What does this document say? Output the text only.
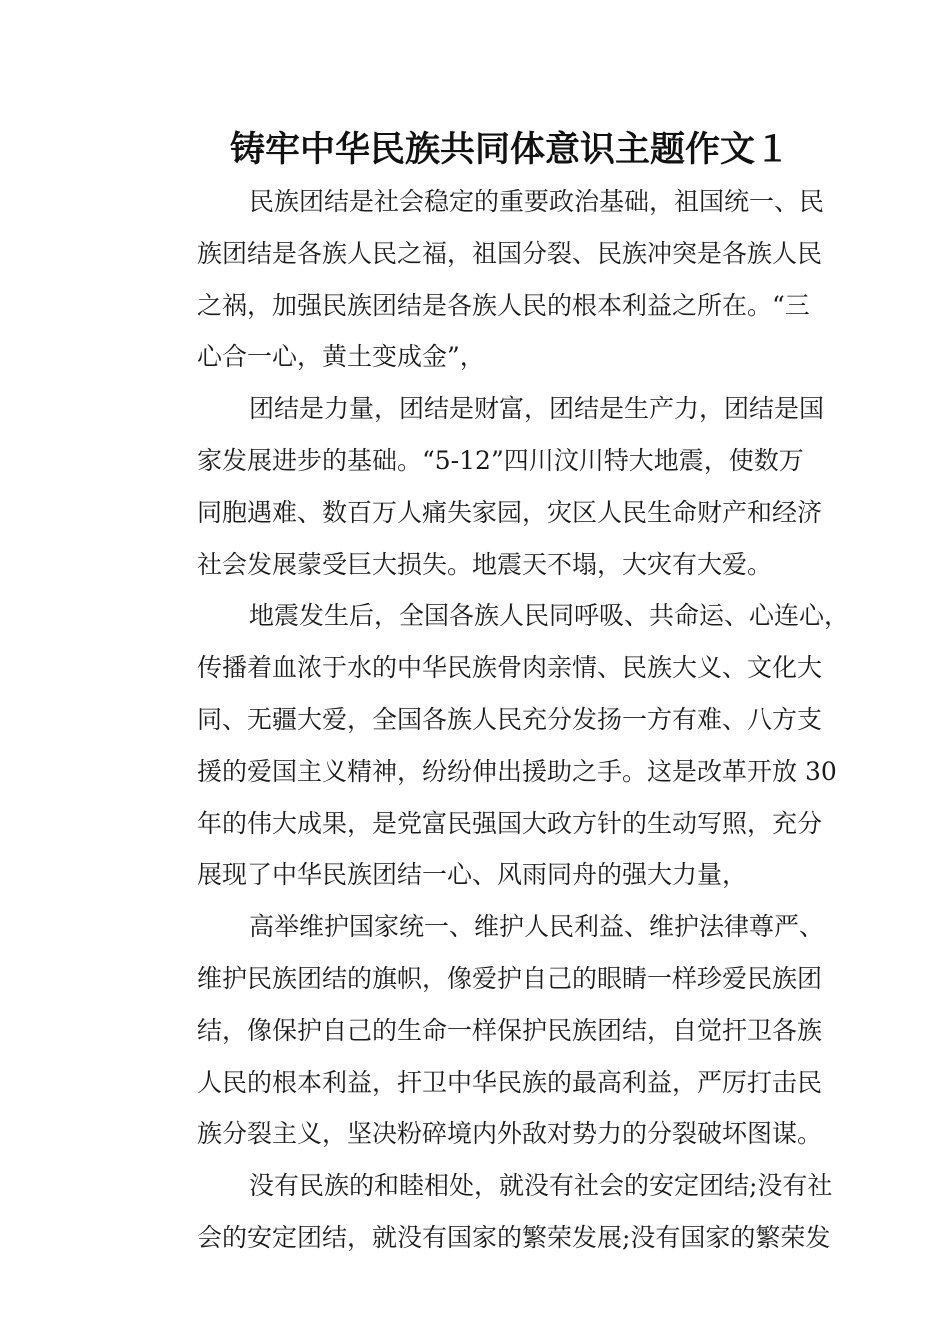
铸牢中华民族共同体意识主题作文１
民族团结是社会稳定的重要政治基础，祖国统一、民
族团结是各族人民之福，祖国分裂、民族冲突是各族人民
之祸，加强民族团结是各族人民的根本利益之所在。“三
心合一心，黄土变成金”，
团结是力量，团结是财富，团结是生产力，团结是国
家发展进步的基础。“5-12”四川汶川特大地震，使数万
同胞遇难、数百万人痛失家园，灾区人民生命财产和经济
社会发展蒙受巨大损失。地震天不塌，大灾有大爱。
地震发生后，全国各族人民同呼吸、共命运、心连心，
传播着血浓于水的中华民族骨肉亲情、民族大义、文化大
同、无疆大爱，全国各族人民充分发扬一方有难、八方支
援的爱国主义精神，纷纷伸出援助之手。这是改革开放 30
年的伟大成果，是党富民强国大政方针的生动写照，充分
展现了中华民族团结一心、风雨同舟的强大力量，
高举维护国家统一、维护人民利益、维护法律尊严、
维护民族团结的旗帜，像爱护自己的眼睛一样珍爱民族团
结，像保护自己的生命一样保护民族团结，自觉扞卫各族
人民的根本利益，扞卫中华民族的最高利益，严厉打击民
族分裂主义，坚决粉碎境内外敌对势力的分裂破坏图谋。
没有民族的和睦相处，就没有社会的安定团结;没有社
会的安定团结，就没有国家的繁荣发展;没有国家的繁荣发
